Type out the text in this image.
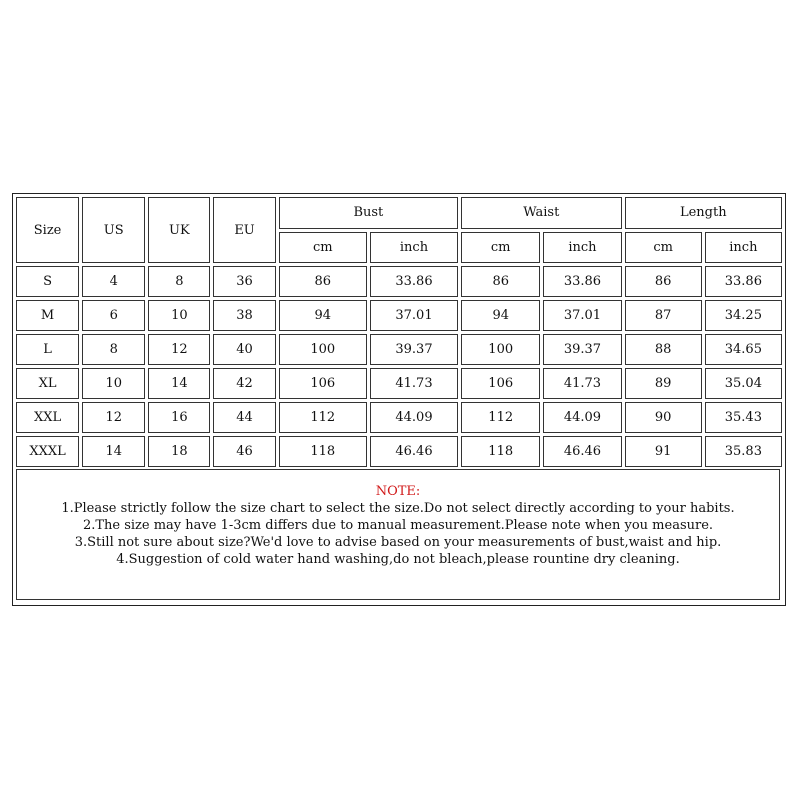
Size	US	UK	EU	Bust		Waist		Length	
				cm	inch	cm	inch	cm	inch
S	4	8	36	86	33.86	86	33.86	86	33.86
M	6	10	38	94	37.01	94	37.01	87	34.25
L	8	12	40	100	39.37	100	39.37	88	34.65
XL	10	14	42	106	41.73	106	41.73	89	35.04
XXL	12	16	44	112	44.09	112	44.09	90	35.43
XXXL	14	18	46	118	46.46	118	46.46	91	35.83
NOTE:
1.Please strictly follow the size chart to select the size.Do not select directly according to your habits.
2.The size may have 1-3cm differs due to manual measurement.Please note when you measure.
3.Still not sure about size?We'd love to advise based on your measurements of bust,waist and hip.
4.Suggestion of cold water hand washing,do not bleach,please rountine dry cleaning.
